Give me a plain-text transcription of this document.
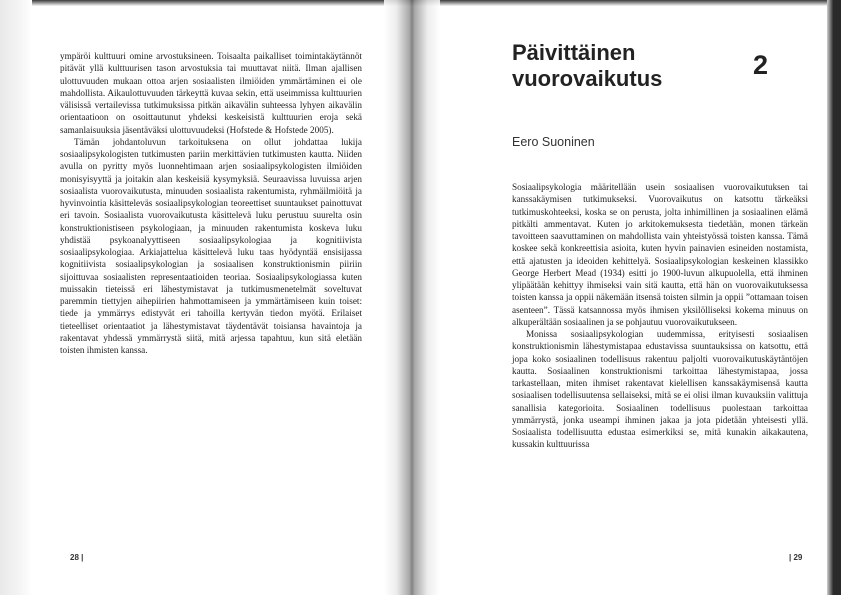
ympäröi kulttuuri omine arvostuksineen. Toisaalta paikalliset toimintakäytännöt pitävät yllä kulttuurisen tason arvostuksia tai muuttavat niitä. Ilman ajallisen ulottuvuuden mukaan ottoa arjen sosiaalisten ilmiöiden ymmärtäminen ei ole mahdollista. Aikaulottuvuuden tärkeyttä kuvaa sekin, että useimmissa kulttuurien välisissä vertailevissa tutkimuksissa pitkän aikavälin suhteessa lyhyen aikavälin orientaatioon on osoittautunut yhdeksi keskeisistä kulttuurien eroja sekä samanlaisuuksia jäsentäväksi ulottuvuudeksi (Hofstede & Hofstede 2005).

Tämän johdantoluvun tarkoituksena on ollut johdattaa lukija sosiaalipsykologisten tutkimusten pariin merkittävien tutkimusten kautta. Niiden avulla on pyritty myös luonnehtimaan arjen sosiaalipsykologisten ilmiöiden monisyisyyttä ja joitakin alan keskeisiä kysymyksiä. Seuraavissa luvuissa arjen sosiaalista vuorovaikutusta, minuuden sosiaalista rakentumista, ryhmäilmiöitä ja hyvinvointia käsitteleväs sosiaalipsykologian teoreettiset suuntaukset painottuvat eri tavoin. Sosiaalista vuorovaikutusta käsittelevä luku perustuu suurelta osin konstruktionistiseen psykologiaan, ja minuuden rakentumista koskeva luku yhdistää psykoanalyyttiseen sosiaalipsykologiaa ja kognitiivista sosiaalipsykologiaa. Arkiajattelua käsittelevä luku taas hyödyntää ensisijassa kognitiivista sosiaalipsykologian ja sosiaalisen konstruktionismin piiriin sijoittuvaa sosiaalisten representaatioiden teoriaa. Sosiaalipsykologiassa kuten muissakin tieteissä eri lähestymistavat ja tutkimusmenetelmät soveltuvat paremmin tiettyjen aihepiirien hahmottamiseen ja ymmärtämiseen kuin toiset: tiede ja ymmärrys edistyvät eri tahoilla kertyvän tiedon myötä. Erilaiset tieteelliset orientaatiot ja lähestymistavat täydentävät toisiansa havaintoja ja rakentavat yhdessä ymmärrystä siitä, mitä arjessa tapahtuu, kun sitä eletään toisten ihmisten kanssa.

28 |
Päivittäinen vuorovaikutus	2
Eero Suoninen

Sosiaalipsykologia määritellään usein sosiaalisen vuorovaikutuksen tai kanssakäymisen tutkimukseksi. Vuorovaikutus on katsottu tärkeäksi tutkimuskohteeksi, koska se on perusta, jolta inhimillinen ja sosiaalinen elämä pitkälti ammentavat. Kuten jo arkitokemuksesta tiedetään, monen tärkeän tavoitteen saavuttaminen on mahdollista vain yhteistyössä toisten kanssa. Tämä koskee sekä konkreettisia asioita, kuten hyvin painavien esineiden nostamista, että ajatusten ja ideoiden kehittelyä. Sosiaalipsykologian keskeinen klassikko George Herbert Mead (1934) esitti jo 1900-luvun alkupuolella, että ihminen ylipäätään kehittyy ihmiseksi vain sitä kautta, että hän on vuorovaikutuksessa toisten kanssa ja oppii näkemään itsensä toisten silmin ja oppii ”ottamaan toisen asenteen”. Tässä katsannossa myös ihmisen yksilölliseksi kokema minuus on alkuperältään sosiaalinen ja se pohjautuu vuorovaikutukseen.

Monissa sosiaalipsykologian uudemmissa, erityisesti sosiaalisen konstruktionismin lähestymistapaa edustavissa suuntauksissa on katsottu, että jopa koko sosiaalinen todellisuus rakentuu paljolti vuorovaikutuskäytäntöjen kautta. Sosiaalinen konstruktionismi tarkoittaa lähestymistapaa, jossa tarkastellaan, miten ihmiset rakentavat kielellisen kanssakäymisensä kautta sosiaalisen todellisuutensa sellaiseksi, mitä se ei olisi ilman kuvauksiin valittuja sanallisia kategorioita. Sosiaalinen todellisuus puolestaan tarkoittaa ymmärrystä, jonka useampi ihminen jakaa ja jota pidetään yhteisesti yllä. Sosiaalista todellisuutta edustaa esimerkiksi se, mitä kunakin aikakautena, kussakin kulttuurissa

| 29
